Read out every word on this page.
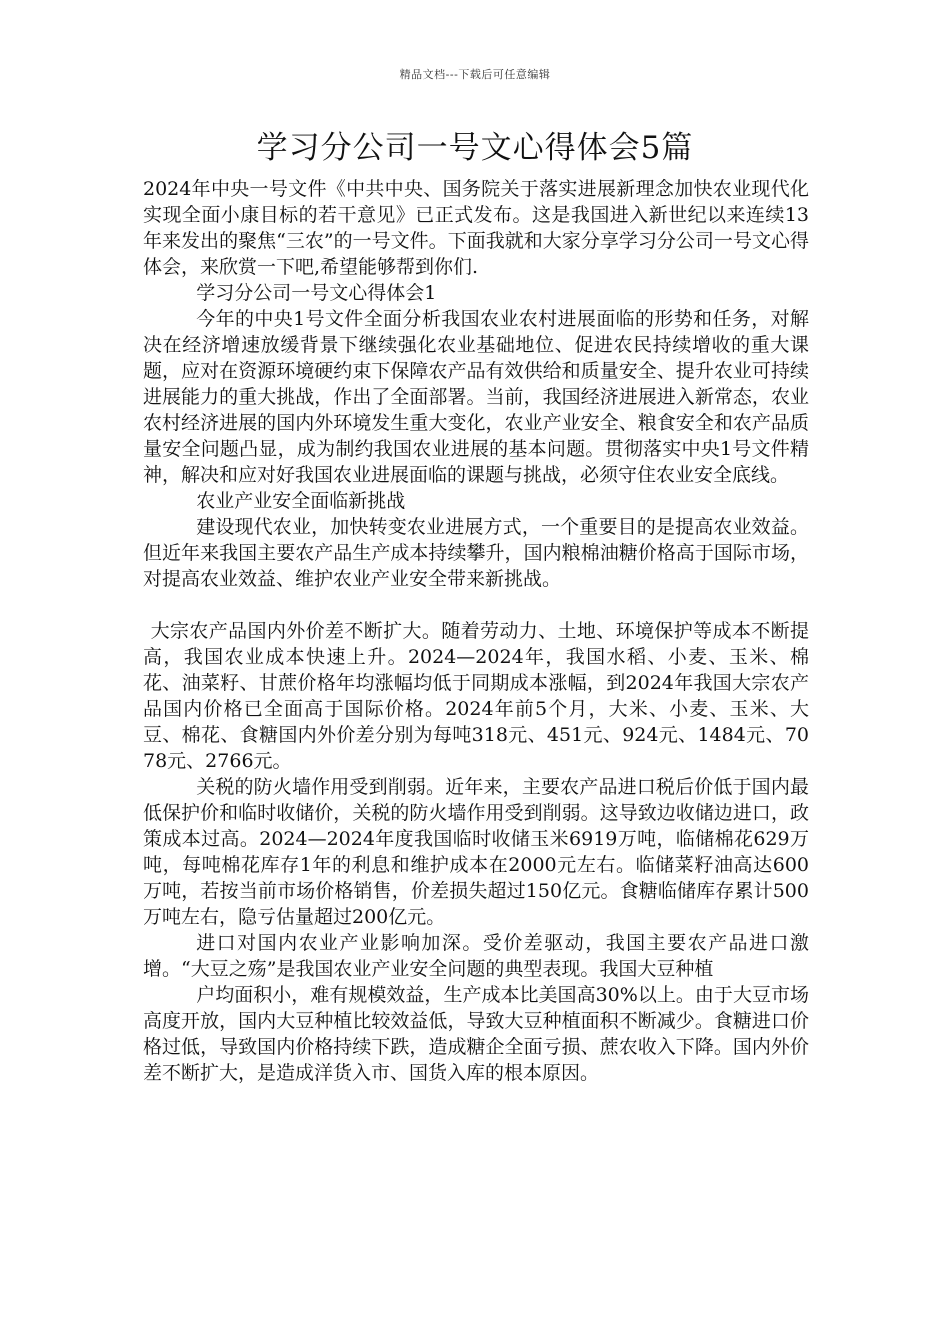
精品文档---下载后可任意编辑
学习分公司一号文心得体会5篇

2024年中央一号文件《中共中央、国务院关于落实进展新理念加快农业现代化实现全面小康目标的若干意见》已正式发布。这是我国进入新世纪以来连续13年来发出的聚焦“三农”的一号文件。下面我就和大家分享学习分公司一号文心得体会，来欣赏一下吧,希望能够帮到你们.

学习分公司一号文心得体会1

今年的中央1号文件全面分析我国农业农村进展面临的形势和任务，对解决在经济增速放缓背景下继续强化农业基础地位、促进农民持续增收的重大课题，应对在资源环境硬约束下保障农产品有效供给和质量安全、提升农业可持续进展能力的重大挑战，作出了全面部署。当前，我国经济进展进入新常态，农业农村经济进展的国内外环境发生重大变化，农业产业安全、粮食安全和农产品质量安全问题凸显，成为制约我国农业进展的基本问题。贯彻落实中央1号文件精神，解决和应对好我国农业进展面临的课题与挑战，必须守住农业安全底线。

农业产业安全面临新挑战

建设现代农业，加快转变农业进展方式，一个重要目的是提高农业效益。但近年来我国主要农产品生产成本持续攀升，国内粮棉油糖价格高于国际市场，对提高农业效益、维护农业产业安全带来新挑战。

大宗农产品国内外价差不断扩大。随着劳动力、土地、环境保护等成本不断提高，我国农业成本快速上升。2024—2024年，我国水稻、小麦、玉米、棉花、油菜籽、甘蔗价格年均涨幅均低于同期成本涨幅，到2024年我国大宗农产品国内价格已全面高于国际价格。2024年前5个月，大米、小麦、玉米、大豆、棉花、食糖国内外价差分别为每吨318元、451元、924元、1484元、7078元、2766元。

关税的防火墙作用受到削弱。近年来，主要农产品进口税后价低于国内最低保护价和临时收储价，关税的防火墙作用受到削弱。这导致边收储边进口，政策成本过高。2024—2024年度我国临时收储玉米6919万吨，临储棉花629万吨，每吨棉花库存1年的利息和维护成本在2000元左右。临储菜籽油高达600万吨，若按当前市场价格销售，价差损失超过150亿元。食糖临储库存累计500万吨左右，隐亏估量超过200亿元。

进口对国内农业产业影响加深。受价差驱动，我国主要农产品进口激增。“大豆之殇”是我国农业产业安全问题的典型表现。我国大豆种植

户均面积小，难有规模效益，生产成本比美国高30%以上。由于大豆市场高度开放，国内大豆种植比较效益低，导致大豆种植面积不断减少。食糖进口价格过低，导致国内价格持续下跌，造成糖企全面亏损、蔗农收入下降。国内外价差不断扩大，是造成洋货入市、国货入库的根本原因。
